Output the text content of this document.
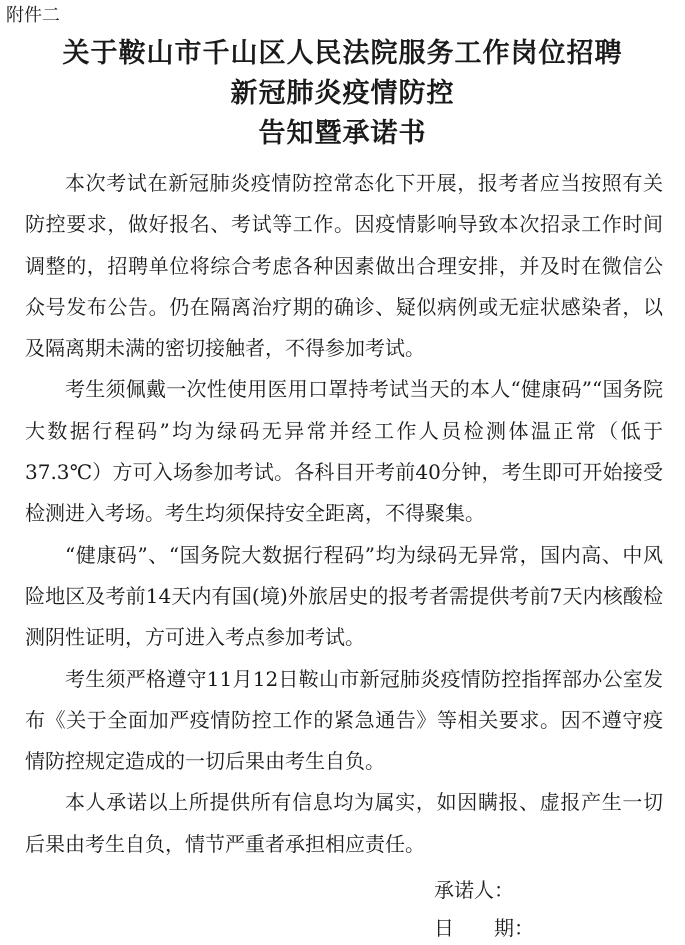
附件二
关于鞍山市千山区人民法院服务工作岗位招聘
新冠肺炎疫情防控
告知暨承诺书

本次考试在新冠肺炎疫情防控常态化下开展，报考者应当按照有关防控要求，做好报名、考试等工作。因疫情影响导致本次招录工作时间调整的，招聘单位将综合考虑各种因素做出合理安排，并及时在微信公众号发布公告。仍在隔离治疗期的确诊、疑似病例或无症状感染者，以及隔离期未满的密切接触者，不得参加考试。

考生须佩戴一次性使用医用口罩持考试当天的本人“健康码”“国务院大数据行程码”均为绿码无异常并经工作人员检测体温正常（低于37.3℃）方可入场参加考试。各科目开考前40分钟，考生即可开始接受检测进入考场。考生均须保持安全距离，不得聚集。

“健康码”、“国务院大数据行程码”均为绿码无异常，国内高、中风险地区及考前14天内有国(境)外旅居史的报考者需提供考前7天内核酸检测阴性证明，方可进入考点参加考试。

考生须严格遵守11月12日鞍山市新冠肺炎疫情防控指挥部办公室发布《关于全面加严疫情防控工作的紧急通告》等相关要求。因不遵守疫情防控规定造成的一切后果由考生自负。

本人承诺以上所提供所有信息均为属实，如因瞒报、虚报产生一切后果由考生自负，情节严重者承担相应责任。

承诺人：
日 期：
